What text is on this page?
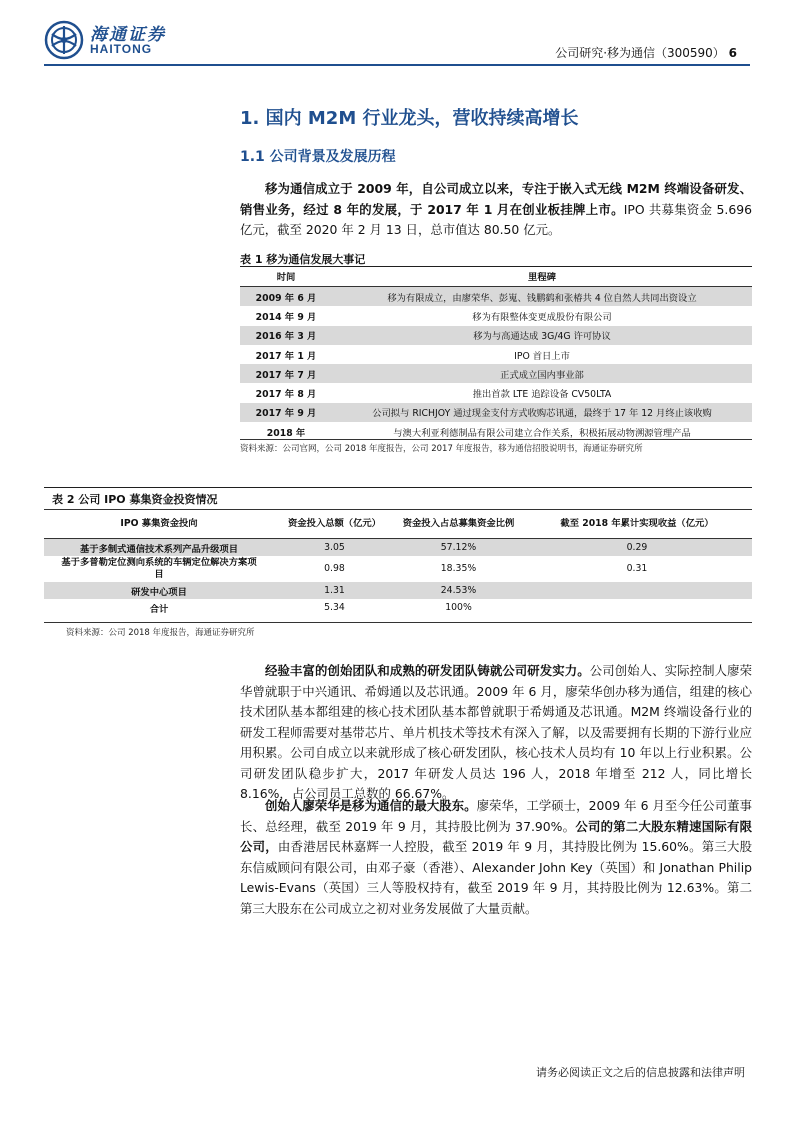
海通证券
HAITONG	公司研究·移为通信（300590） 6
1. 国内 M2M 行业龙头，营收持续高增长
1.1 公司背景及发展历程
移为通信成立于 2009 年，自公司成立以来，专注于嵌入式无线 M2M 终端设备研发、销售业务，经过 8 年的发展，于 2017 年 1 月在创业板挂牌上市。IPO 共募集资金 5.696 亿元，截至 2020 年 2 月 13 日，总市值达 80.50 亿元。
表 1 移为通信发展大事记
时间	里程碑
2009 年 6 月	移为有限成立，由廖荣华、彭嵬、钱鹏鹤和张椿共 4 位自然人共同出资设立
2014 年 9 月	移为有限整体变更成股份有限公司
2016 年 3 月	移为与高通达成 3G/4G 许可协议
2017 年 1 月	IPO 首日上市
2017 年 7 月	正式成立国内事业部
2017 年 8 月	推出首款 LTE 追踪设备 CV50LTA
2017 年 9 月	公司拟与 RICHJOY 通过现金支付方式收购芯讯通，最终于 17 年 12 月终止该收购
2018 年	与澳大利亚利德制品有限公司建立合作关系，积极拓展动物溯源管理产品
资料来源：公司官网，公司 2018 年度报告，公司 2017 年度报告，移为通信招股说明书，海通证券研究所
表 2 公司 IPO 募集资金投资情况
IPO 募集资金投向	资金投入总额（亿元）	资金投入占总募集资金比例	截至 2018 年累计实现收益（亿元）
基于多制式通信技术系列产品升级项目	3.05	57.12%	0.29
基于多普勒定位测向系统的车辆定位解决方案项目	0.98	18.35%	0.31
研发中心项目	1.31	24.53%	
合计	5.34	100%	
资料来源：公司 2018 年度报告，海通证券研究所
经验丰富的创始团队和成熟的研发团队铸就公司研发实力。公司创始人、实际控制人廖荣华曾就职于中兴通讯、希姆通以及芯讯通。2009 年 6 月，廖荣华创办移为通信，组建的核心技术团队基本都组建的核心技术团队基本都曾就职于希姆通及芯讯通。M2M 终端设备行业的研发工程师需要对基带芯片、单片机技术等技术有深入了解，以及需要拥有长期的下游行业应用积累。公司自成立以来就形成了核心研发团队，核心技术人员均有 10 年以上行业积累。公司研发团队稳步扩大，2017 年研发人员达 196 人，2018 年增至 212 人，同比增长 8.16%，占公司员工总数的 66.67%。
创始人廖荣华是移为通信的最大股东。廖荣华，工学硕士，2009 年 6 月至今任公司董事长、总经理，截至 2019 年 9 月，其持股比例为 37.90%。公司的第二大股东精速国际有限公司，由香港居民林嘉辉一人控股，截至 2019 年 9 月，其持股比例为 15.60%。第三大股东信威顾问有限公司，由邓子豪（香港）、Alexander John Key（英国）和 Jonathan Philip Lewis-Evans（英国）三人等股权持有，截至 2019 年 9 月，其持股比例为 12.63%。第二第三大股东在公司成立之初对业务发展做了大量贡献。
请务必阅读正文之后的信息披露和法律声明
